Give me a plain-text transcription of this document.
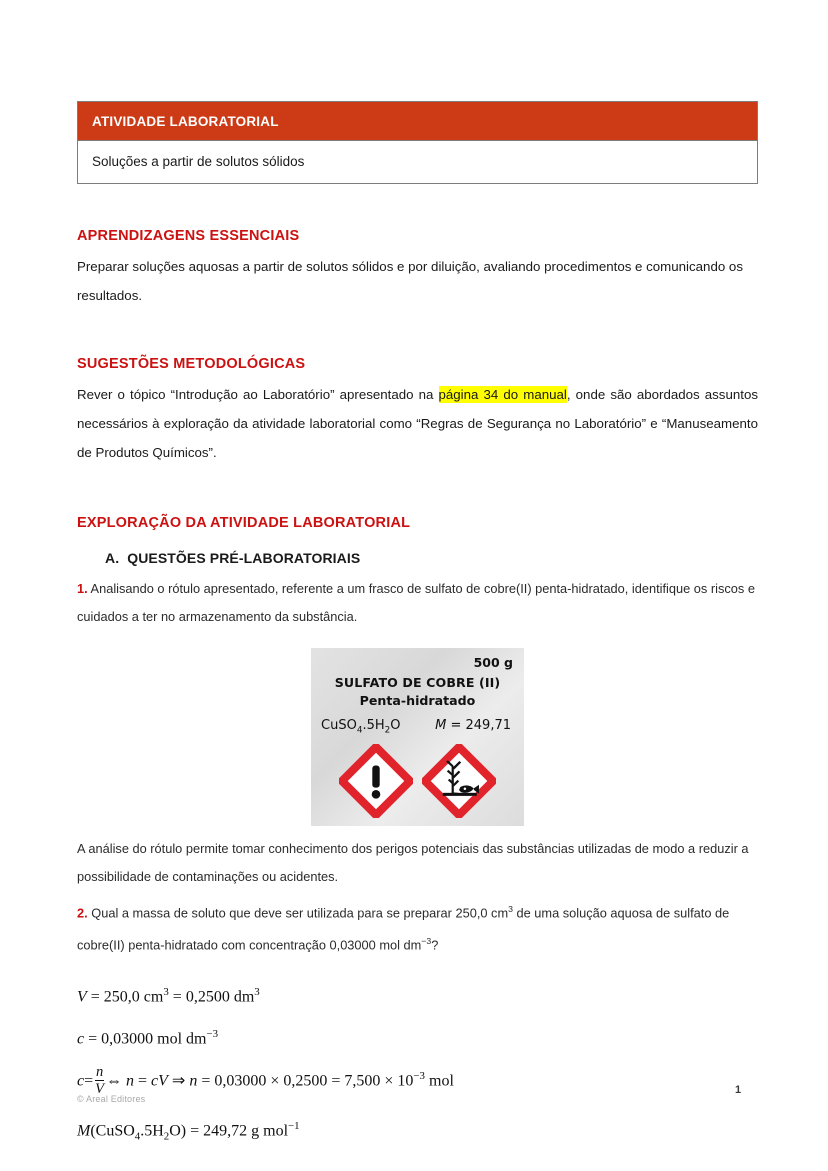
ATIVIDADE LABORATORIAL
Soluções a partir de solutos sólidos
APRENDIZAGENS ESSENCIAIS
Preparar soluções aquosas a partir de solutos sólidos e por diluição, avaliando procedimentos e comunicando os resultados.
SUGESTÕES METODOLÓGICAS
Rever o tópico “Introdução ao Laboratório” apresentado na página 34 do manual, onde são abordados assuntos necessários à exploração da atividade laboratorial como “Regras de Segurança no Laboratório” e “Manuseamento de Produtos Químicos”.
EXPLORAÇÃO DA ATIVIDADE LABORATORIAL
A. QUESTÕES PRÉ-LABORATORIAIS
1. Analisando o rótulo apresentado, referente a um frasco de sulfato de cobre(II) penta-hidratado, identifique os riscos e cuidados a ter no armazenamento da substância.
500 g
SULFATO DE COBRE (II)
Penta-hidratado
$CuSO_4.5H_2O$	M = 249,71
A análise do rótulo permite tomar conhecimento dos perigos potenciais das substâncias utilizadas de modo a reduzir a possibilidade de contaminações ou acidentes.
2. Qual a massa de soluto que deve ser utilizada para se preparar 250,0 $cm^3$ de uma solução aquosa de sulfato de cobre(II) penta-hidratado com concentração 0,03000 mol $dm^{-3}$?
V = 250,0 $cm^3 = 0,2500$ $dm^3$
c = 0,03000 mol $dm^{-3}$
$c= \frac{n}{V}$ ⇔ n = cV ⇒ $n = 0,03000 \times 0,2500 = 7,500 \times 10^{-3}$ mol
$M(CuSO_4.5H_2O) = 249,72$ g mol$^{-1}$
© Areal Editores
1
